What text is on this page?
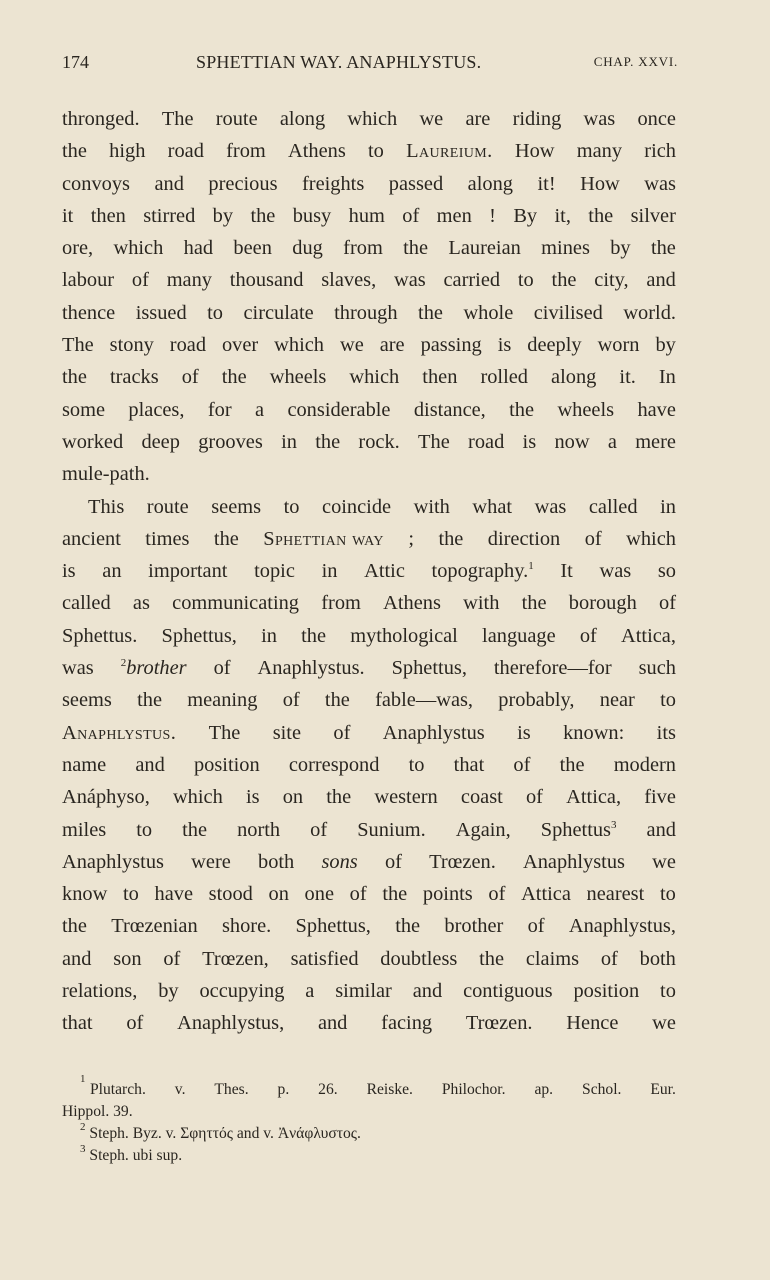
174	SPHETTIAN WAY. ANAPHLYSTUS.	CHAP. XXVI.
thronged. The route along which we are riding was once
the high road from Athens to Laureium. How many rich
convoys and precious freights passed along it! How was
it then stirred by the busy hum of men ! By it, the silver
ore, which had been dug from the Laureian mines by the
labour of many thousand slaves, was carried to the city, and
thence issued to circulate through the whole civilised world.
The stony road over which we are passing is deeply worn by
the tracks of the wheels which then rolled along it. In
some places, for a considerable distance, the wheels have
worked deep grooves in the rock. The road is now a mere
mule-path.
This route seems to coincide with what was called in
ancient times the Sphettian way ; the direction of which
is an important topic in Attic topography.$^1$ It was so
called as communicating from Athens with the borough of
Sphettus. Sphettus, in the mythological language of Attica,
was $^2$brother of Anaphlystus. Sphettus, therefore—for such
seems the meaning of the fable—was, probably, near to
Anaphlystus. The site of Anaphlystus is known: its
name and position correspond to that of the modern
Anáphyso, which is on the western coast of Attica, five
miles to the north of Sunium. Again, Sphettus$^3$ and
Anaphlystus were both sons of Trœzen. Anaphlystus we
know to have stood on one of the points of Attica nearest to
the Trœzenian shore. Sphettus, the brother of Anaphlystus,
and son of Trœzen, satisfied doubtless the claims of both
relations, by occupying a similar and contiguous position to
that of Anaphlystus, and facing Trœzen. Hence we
1
Plutarch. v. Thes. p. 26. Reiske. Philochor. ap. Schol. Eur.
Hippol. 39.
$^2$ Steph. Byz. v. Σφηττός and v. Ἀνάφλυστος.
$^3$ Steph. ubi sup.
